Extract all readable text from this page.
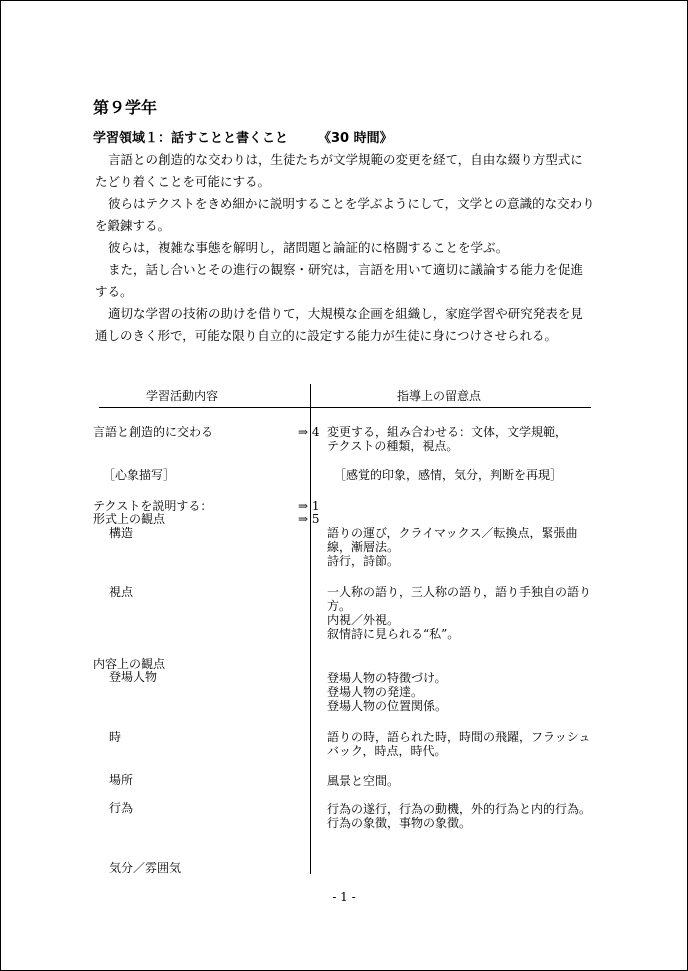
第９学年
学習領域１：話すことと書くこと 《30 時間》

言語との創造的な交わりは，生徒たちが文学規範の変更を経て，自由な綴り方型式にたどり着くことを可能にする。

彼らはテクストをきめ細かに説明することを学ぶようにして，文学との意識的な交わりを鍛錬する。

彼らは，複雑な事態を解明し，諸問題と論証的に格闘することを学ぶ。

また，話し合いとその進行の観察・研究は，言語を用いて適切に議論する能力を促進する。

適切な学習の技術の助けを借りて，大規模な企画を組織し，家庭学習や研究発表を見通しのきく形で，可能な限り自立的に設定する能力が生徒に身につけさせられる。

学習活動内容	指導上の留意点
言語と創造的に交わる	⇒ 4 変更する，組み合わせる：文体，文学規範，
テクストの種類，視点。
［心象描写］	［感覚的印象，感情，気分，判断を再現］
テクストを説明する：	⇒ 1
形式上の観点	⇒ 5
構造	語りの運び，クライマックス／転換点，緊張曲線，漸層法。
詩行，詩節。
視点	一人称の語り，三人称の語り，語り手独自の語り方。
内視／外視。
叙情詩に見られる“私”。
内容上の観点
登場人物	登場人物の特徴づけ。
登場人物の発達。
登場人物の位置関係。
時	語りの時，語られた時，時間の飛躍，フラッシュバック，時点，時代。
場所	風景と空間。
行為	行為の遂行，行為の動機，外的行為と内的行為。
行為の象徴，事物の象徴。
気分／雰囲気
- 1 -
